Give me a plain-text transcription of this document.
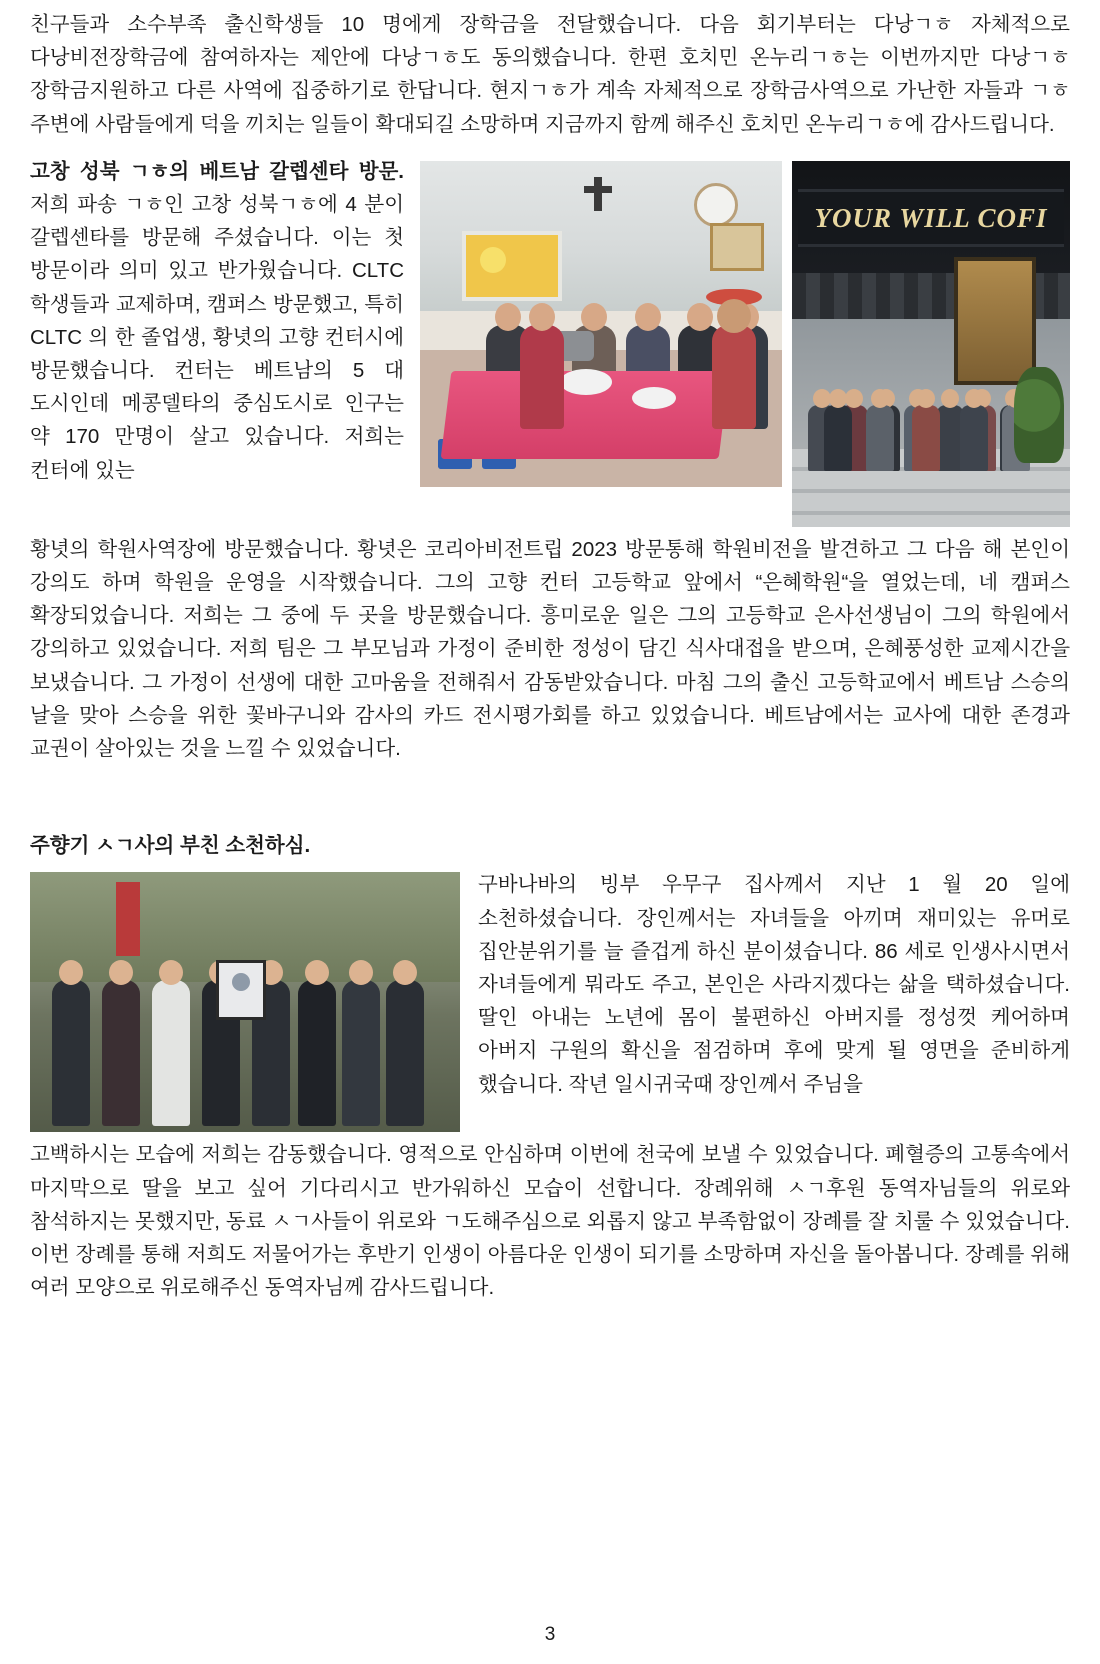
친구들과 소수부족 출신학생들 10 명에게 장학금을 전달했습니다. 다음 회기부터는 다낭ㄱㅎ 자체적으로 다낭비전장학금에 참여하자는 제안에 다낭ㄱㅎ도 동의했습니다. 한편 호치민 온누리ㄱㅎ는 이번까지만 다낭ㄱㅎ 장학금지원하고 다른 사역에 집중하기로 한답니다. 현지ㄱㅎ가 계속 자체적으로 장학금사역으로 가난한 자들과 ㄱㅎ 주변에 사람들에게 덕을 끼치는 일들이 확대되길 소망하며 지금까지 함께 해주신 호치민 온누리ㄱㅎ에 감사드립니다.

YOUR WILL COFI

고창 성북 ㄱㅎ의 베트남 갈렙센타 방문. 저희 파송 ㄱㅎ인 고창 성북ㄱㅎ에 4 분이 갈렙센타를 방문해 주셨습니다. 이는 첫 방문이라 의미 있고 반가웠습니다. CLTC 학생들과 교제하며, 캠퍼스 방문했고, 특히 CLTC 의 한 졸업생, 황녓의 고향 컨터시에 방문했습니다. 컨터는 베트남의 5 대 도시인데 메콩델타의 중심도시로 인구는 약 170 만명이 살고 있습니다. 저희는 컨터에 있는

황녓의 학원사역장에 방문했습니다. 황녓은 코리아비전트립 2023 방문통해 학원비전을 발견하고 그 다음 해 본인이 강의도 하며 학원을 운영을 시작했습니다. 그의 고향 컨터 고등학교 앞에서 “은혜학원“을 열었는데, 네 캠퍼스 확장되었습니다. 저희는 그 중에 두 곳을 방문했습니다. 흥미로운 일은 그의 고등학교 은사선생님이 그의 학원에서 강의하고 있었습니다. 저희 팀은 그 부모님과 가정이 준비한 정성이 담긴 식사대접을 받으며, 은혜풍성한 교제시간을 보냈습니다. 그 가정이 선생에 대한 고마움을 전해줘서 감동받았습니다. 마침 그의 출신 고등학교에서 베트남 스승의 날을 맞아 스승을 위한 꽃바구니와 감사의 카드 전시평가회를 하고 있었습니다. 베트남에서는 교사에 대한 존경과 교권이 살아있는 것을 느낄 수 있었습니다.

주향기 ㅅㄱ사의 부친 소천하심.

구바나바의 빙부 우무구 집사께서 지난 1 월 20 일에 소천하셨습니다. 장인께서는 자녀들을 아끼며 재미있는 유머로 집안분위기를 늘 즐겁게 하신 분이셨습니다. 86 세로 인생사시면서 자녀들에게 뭐라도 주고, 본인은 사라지겠다는 삶을 택하셨습니다. 딸인 아내는 노년에 몸이 불편하신 아버지를 정성껏 케어하며 아버지 구원의 확신을 점검하며 후에 맞게 될 영면을 준비하게 했습니다. 작년 일시귀국때 장인께서 주님을

고백하시는 모습에 저희는 감동했습니다. 영적으로 안심하며 이번에 천국에 보낼 수 있었습니다. 폐혈증의 고통속에서 마지막으로 딸을 보고 싶어 기다리시고 반가워하신 모습이 선합니다. 장례위해 ㅅㄱ후원 동역자님들의 위로와 참석하지는 못했지만, 동료 ㅅㄱ사들이 위로와 ㄱ도해주심으로 외롭지 않고 부족함없이 장례를 잘 치룰 수 있었습니다. 이번 장례를 통해 저희도 저물어가는 후반기 인생이 아름다운 인생이 되기를 소망하며 자신을 돌아봅니다. 장례를 위해 여러 모양으로 위로해주신 동역자님께 감사드립니다.

3
